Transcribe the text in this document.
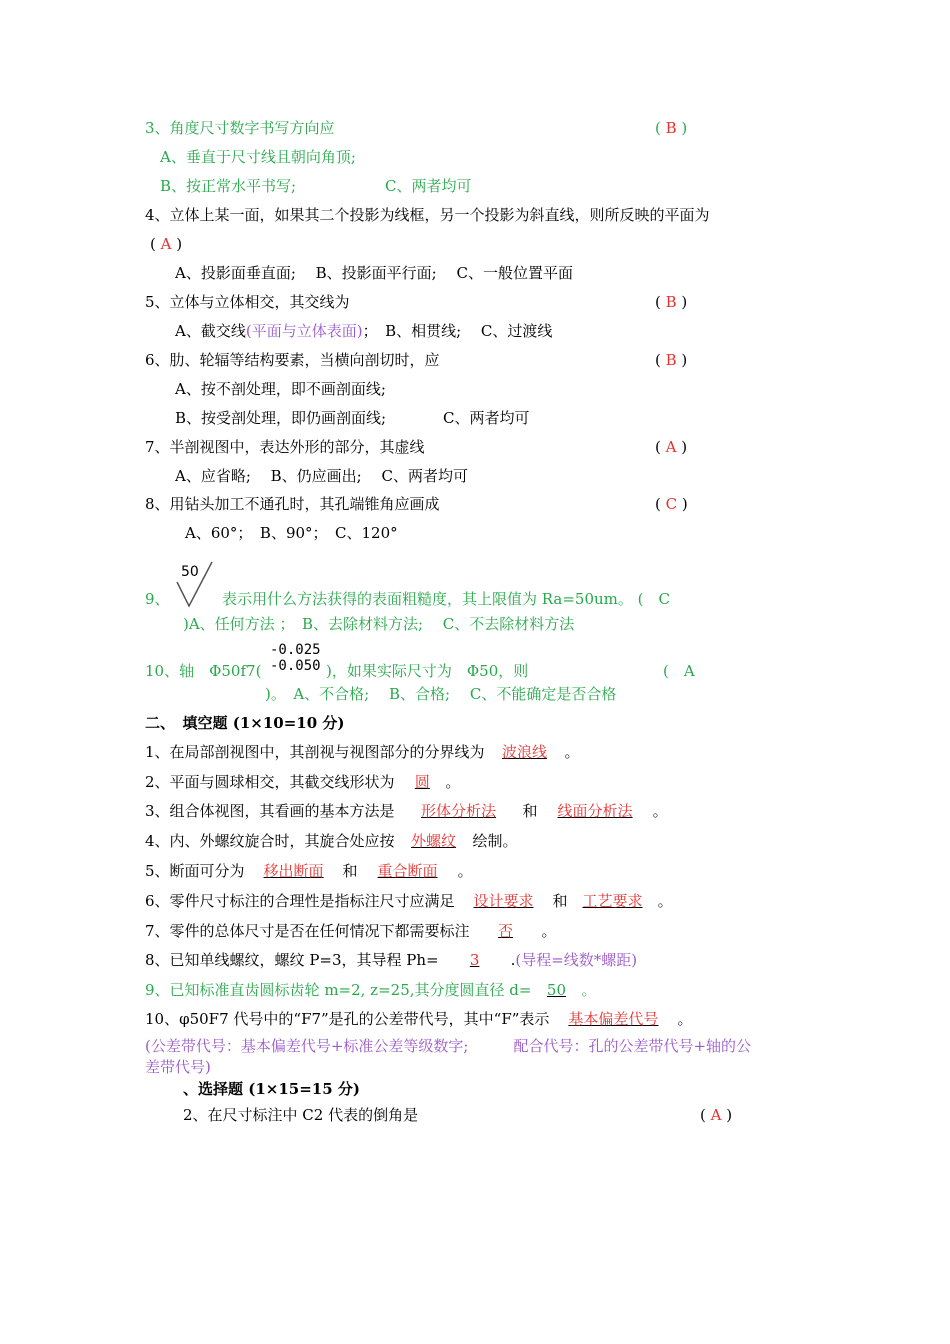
3、角度尺寸数字书写方向应	( B )
A、垂直于尺寸线且朝向角顶;
B、按正常水平书写;	C、两者均可
4、立体上某一面，如果其二个投影为线框，另一个投影为斜直线，则所反映的平面为
( A )
A、投影面垂直面;　 B、投影面平行面;　 C、一般位置平面
5、立体与立体相交，其交线为	( B )
A、截交线(平面与立体表面)；　B、相贯线;　 C、过渡线
6、肋、轮辐等结构要素，当横向剖切时，应	( B )
A、按不剖处理，即不画剖面线;
B、按受剖处理，即仍画剖面线;	C、两者均可
7、半剖视图中，表达外形的部分，其虚线	( A )
A、应省略;　 B、仍应画出;　 C、两者均可
8、用钻头加工不通孔时，其孔端锥角应画成	( C )
A、60°；　B、90°；　C、120°
9、
50
表示用什么方法获得的表面粗糙度，其上限值为 Ra=50um。 (　C
)A、任何方法 ；　B、去除材料方法;　 C、不去除材料方法
10、轴　Φ50f7(
-0.025
-0.050 )，如果实际尺寸为　Φ50，则	(　A
)。　A、不合格;　 B、合格;　 C、不能确定是否合格
二、　填空题 (1×10=10 分)
1、在局部剖视图中，其剖视与视图部分的分界线为 波浪线 。
2、平面与圆球相交，其截交线形状为 圆 。
3、组合体视图，其看画的基本方法是 形体分析法 和 线面分析法 。
4、内、外螺纹旋合时，其旋合处应按 外螺纹 绘制。
5、断面可分为 移出断面 和 重合断面 。
6、零件尺寸标注的合理性是指标注尺寸应满足 设计要求 和 工艺要求 。
7、零件的总体尺寸是否在任何情况下都需要标注 否 。
8、已知单线螺纹，螺纹 P=3，其导程 Ph= 3 .(导程=线数*螺距)
9、已知标准直齿圆标齿轮 m=2, z=25,其分度圆直径 d= 50 。
10、φ50F7 代号中的“F7”是孔的公差带代号，其中“F”表示 基本偏差代号 。
(公差带代号：基本偏差代号+标准公差等级数字;　　　配合代号：孔的公差带代号+轴的公
差带代号)
、选择题 (1×15=15 分)
2、在尺寸标注中 C2 代表的倒角是	( A )
